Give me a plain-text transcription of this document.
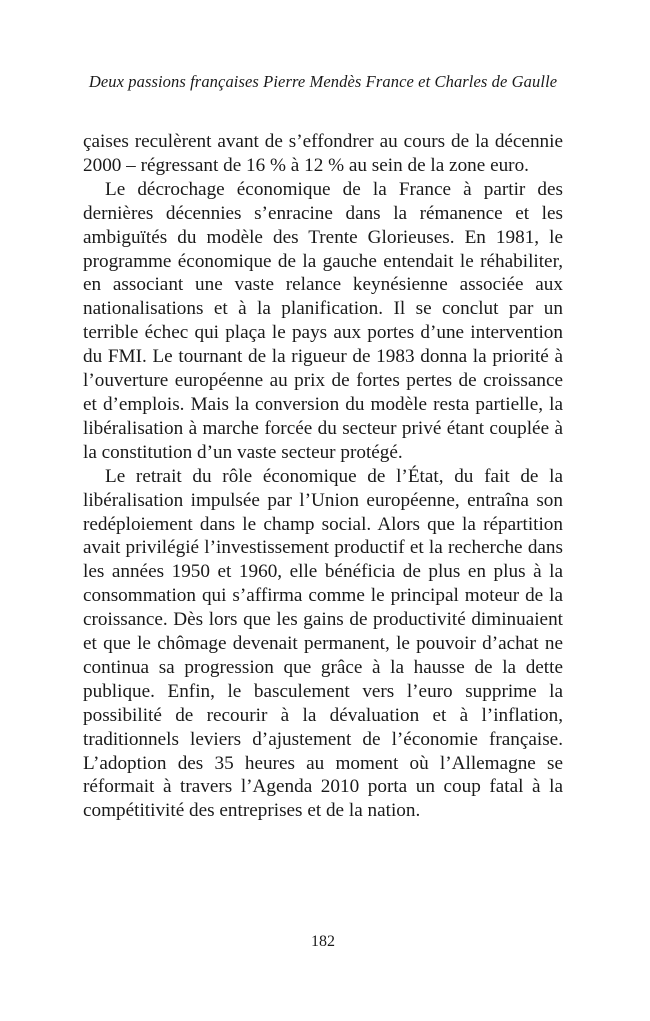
Deux passions françaises Pierre Mendès France et Charles de Gaulle

çaises reculèrent avant de s’effondrer au cours de la décennie 2000 – régressant de 16 % à 12 % au sein de la zone euro.

Le décrochage économique de la France à partir des dernières décennies s’enracine dans la rémanence et les ambiguïtés du modèle des Trente Glorieuses. En 1981, le programme économique de la gauche entendait le réhabiliter, en associant une vaste relance keynésienne associée aux nationalisations et à la planification. Il se conclut par un terrible échec qui plaça le pays aux portes d’une intervention du FMI. Le tournant de la rigueur de 1983 donna la priorité à l’ouverture européenne au prix de fortes pertes de croissance et d’emplois. Mais la conversion du modèle resta partielle, la libéralisation à marche forcée du secteur privé étant couplée à la constitution d’un vaste secteur protégé.

Le retrait du rôle économique de l’État, du fait de la libéralisation impulsée par l’Union européenne, entraîna son redéploiement dans le champ social. Alors que la répartition avait privilégié l’investissement productif et la recherche dans les années 1950 et 1960, elle bénéficia de plus en plus à la consommation qui s’affirma comme le principal moteur de la croissance. Dès lors que les gains de productivité diminuaient et que le chômage devenait permanent, le pouvoir d’achat ne continua sa progression que grâce à la hausse de la dette publique. Enfin, le basculement vers l’euro supprime la possibilité de recourir à la dévaluation et à l’inflation, traditionnels leviers d’ajustement de l’économie française. L’adoption des 35 heures au moment où l’Allemagne se réformait à travers l’Agenda 2010 porta un coup fatal à la compétitivité des entreprises et de la nation.

182
